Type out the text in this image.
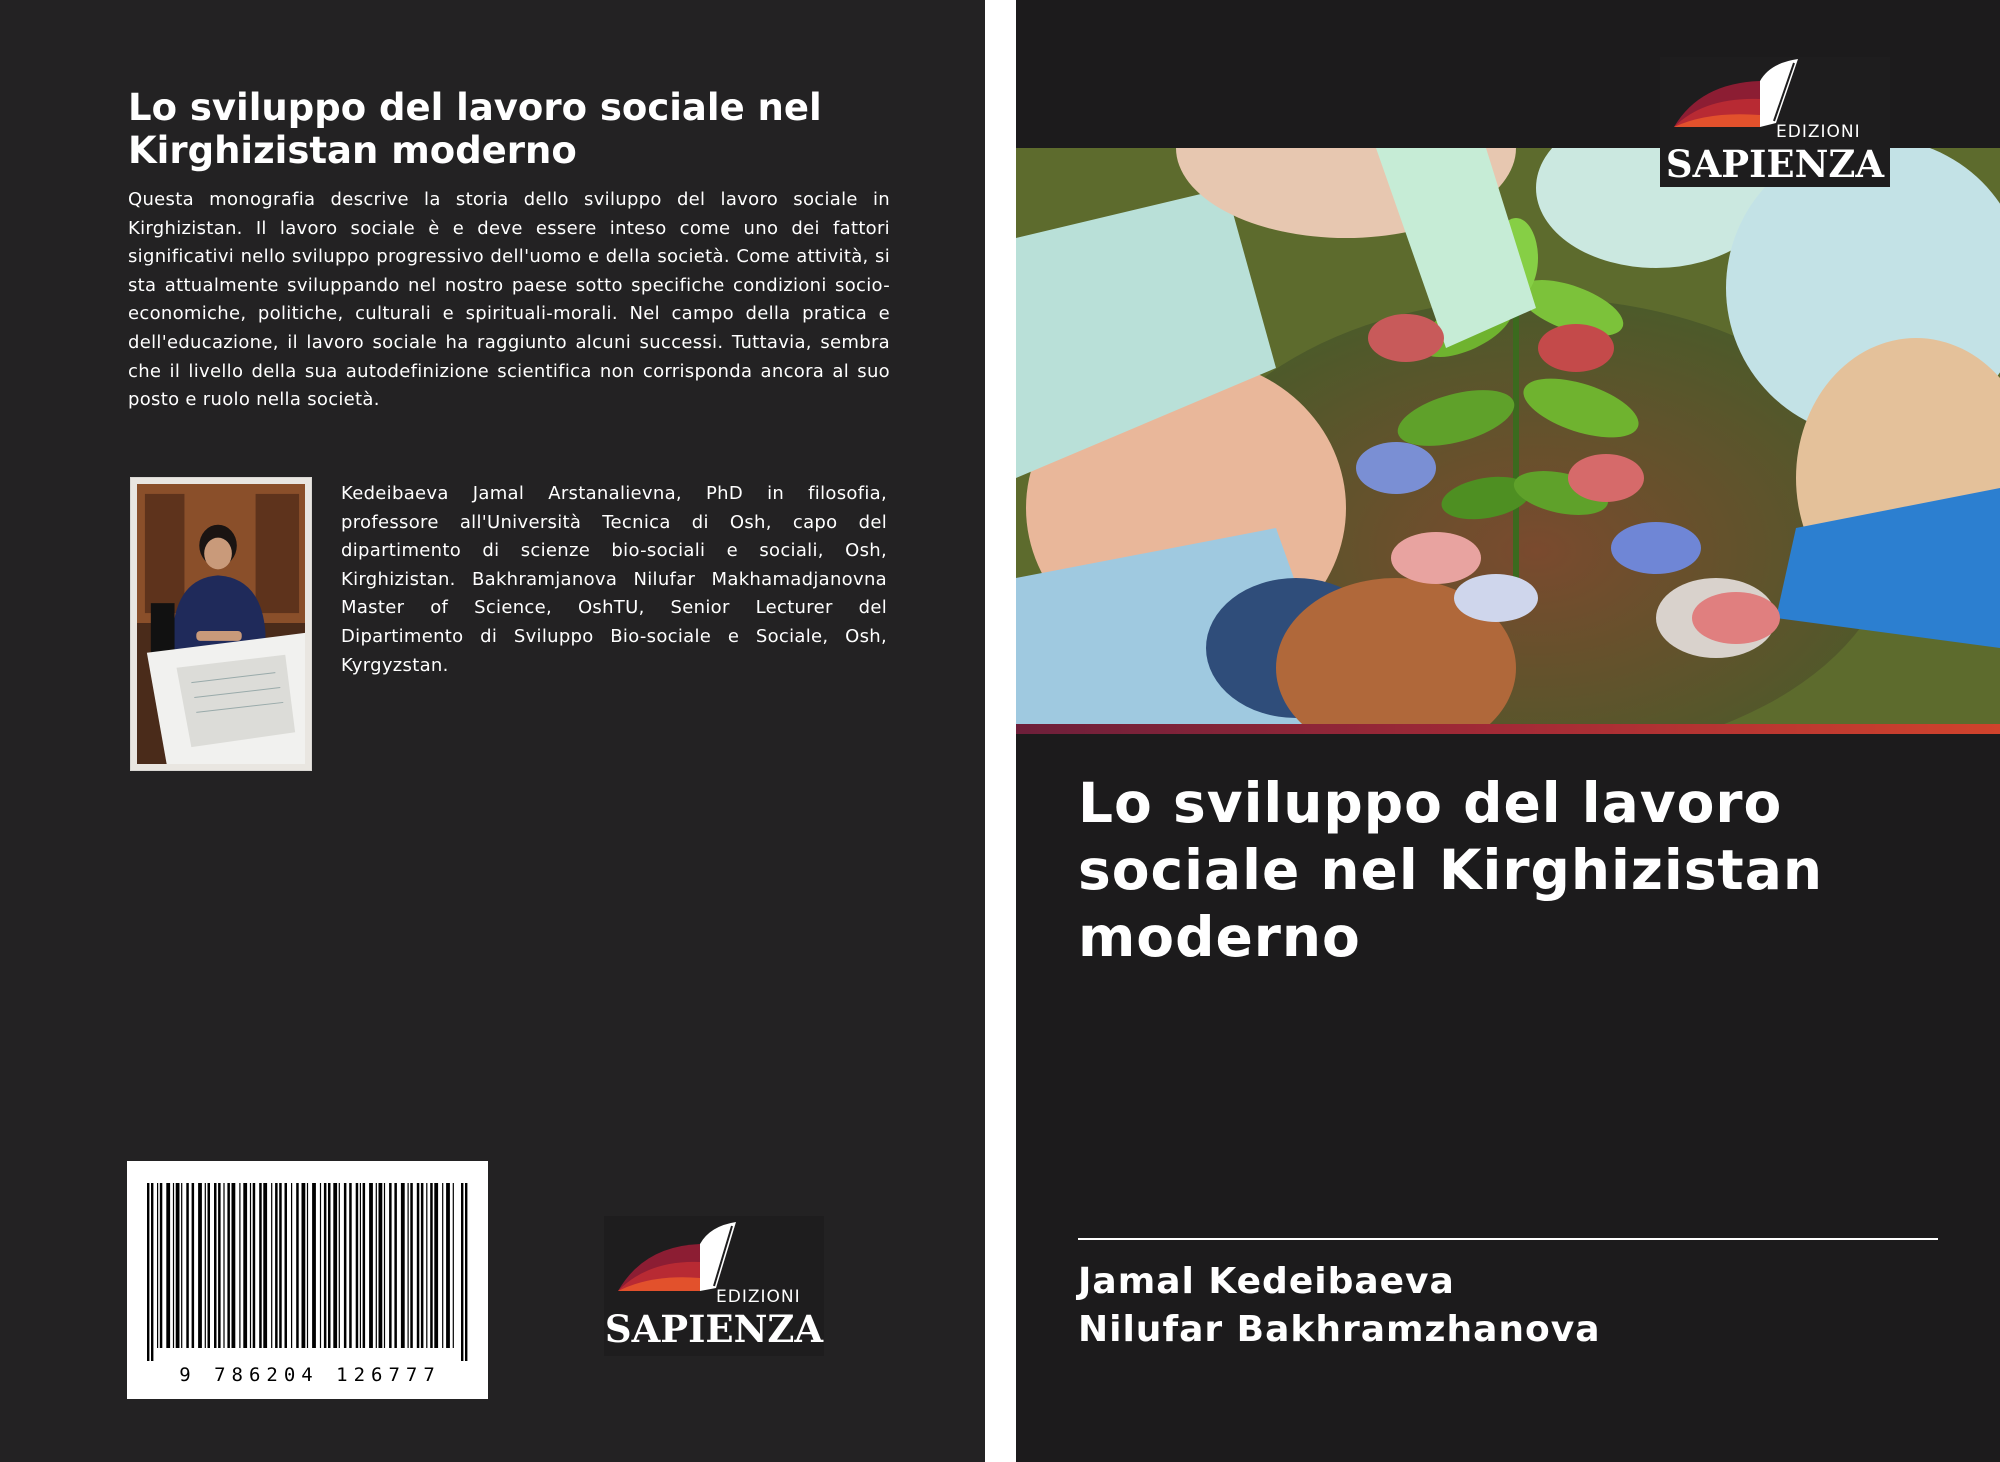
Lo sviluppo del lavoro sociale nel Kirghizistan moderno
Questa monografia descrive la storia dello sviluppo del lavoro sociale in Kirghizistan. Il lavoro sociale è e deve essere inteso come uno dei fattori significativi nello sviluppo progressivo dell'uomo e della società. Come attività, si sta attualmente sviluppando nel nostro paese sotto specifiche condizioni socio-economiche, politiche, culturali e spirituali-morali. Nel campo della pratica e dell'educazione, il lavoro sociale ha raggiunto alcuni successi. Tuttavia, sembra che il livello della sua autodefinizione scientifica non corrisponda ancora al suo posto e ruolo nella società.
Kedeibaeva Jamal Arstanalievna, PhD in filosofia, professore all'Università Tecnica di Osh, capo del dipartimento di scienze bio-sociali e sociali, Osh, Kirghizistan. Bakhramjanova Nilufar Makhamadjanovna Master of Science, OshTU, Senior Lecturer del Dipartimento di Sviluppo Bio-sociale e Sociale, Osh, Kyrgyzstan.
9 786204 126777
EDIZIONI
SAPIENZA
EDIZIONI
SAPIENZA
Lo sviluppo del lavoro sociale nel Kirghizistan moderno
Jamal Kedeibaeva
Nilufar Bakhramzhanova
